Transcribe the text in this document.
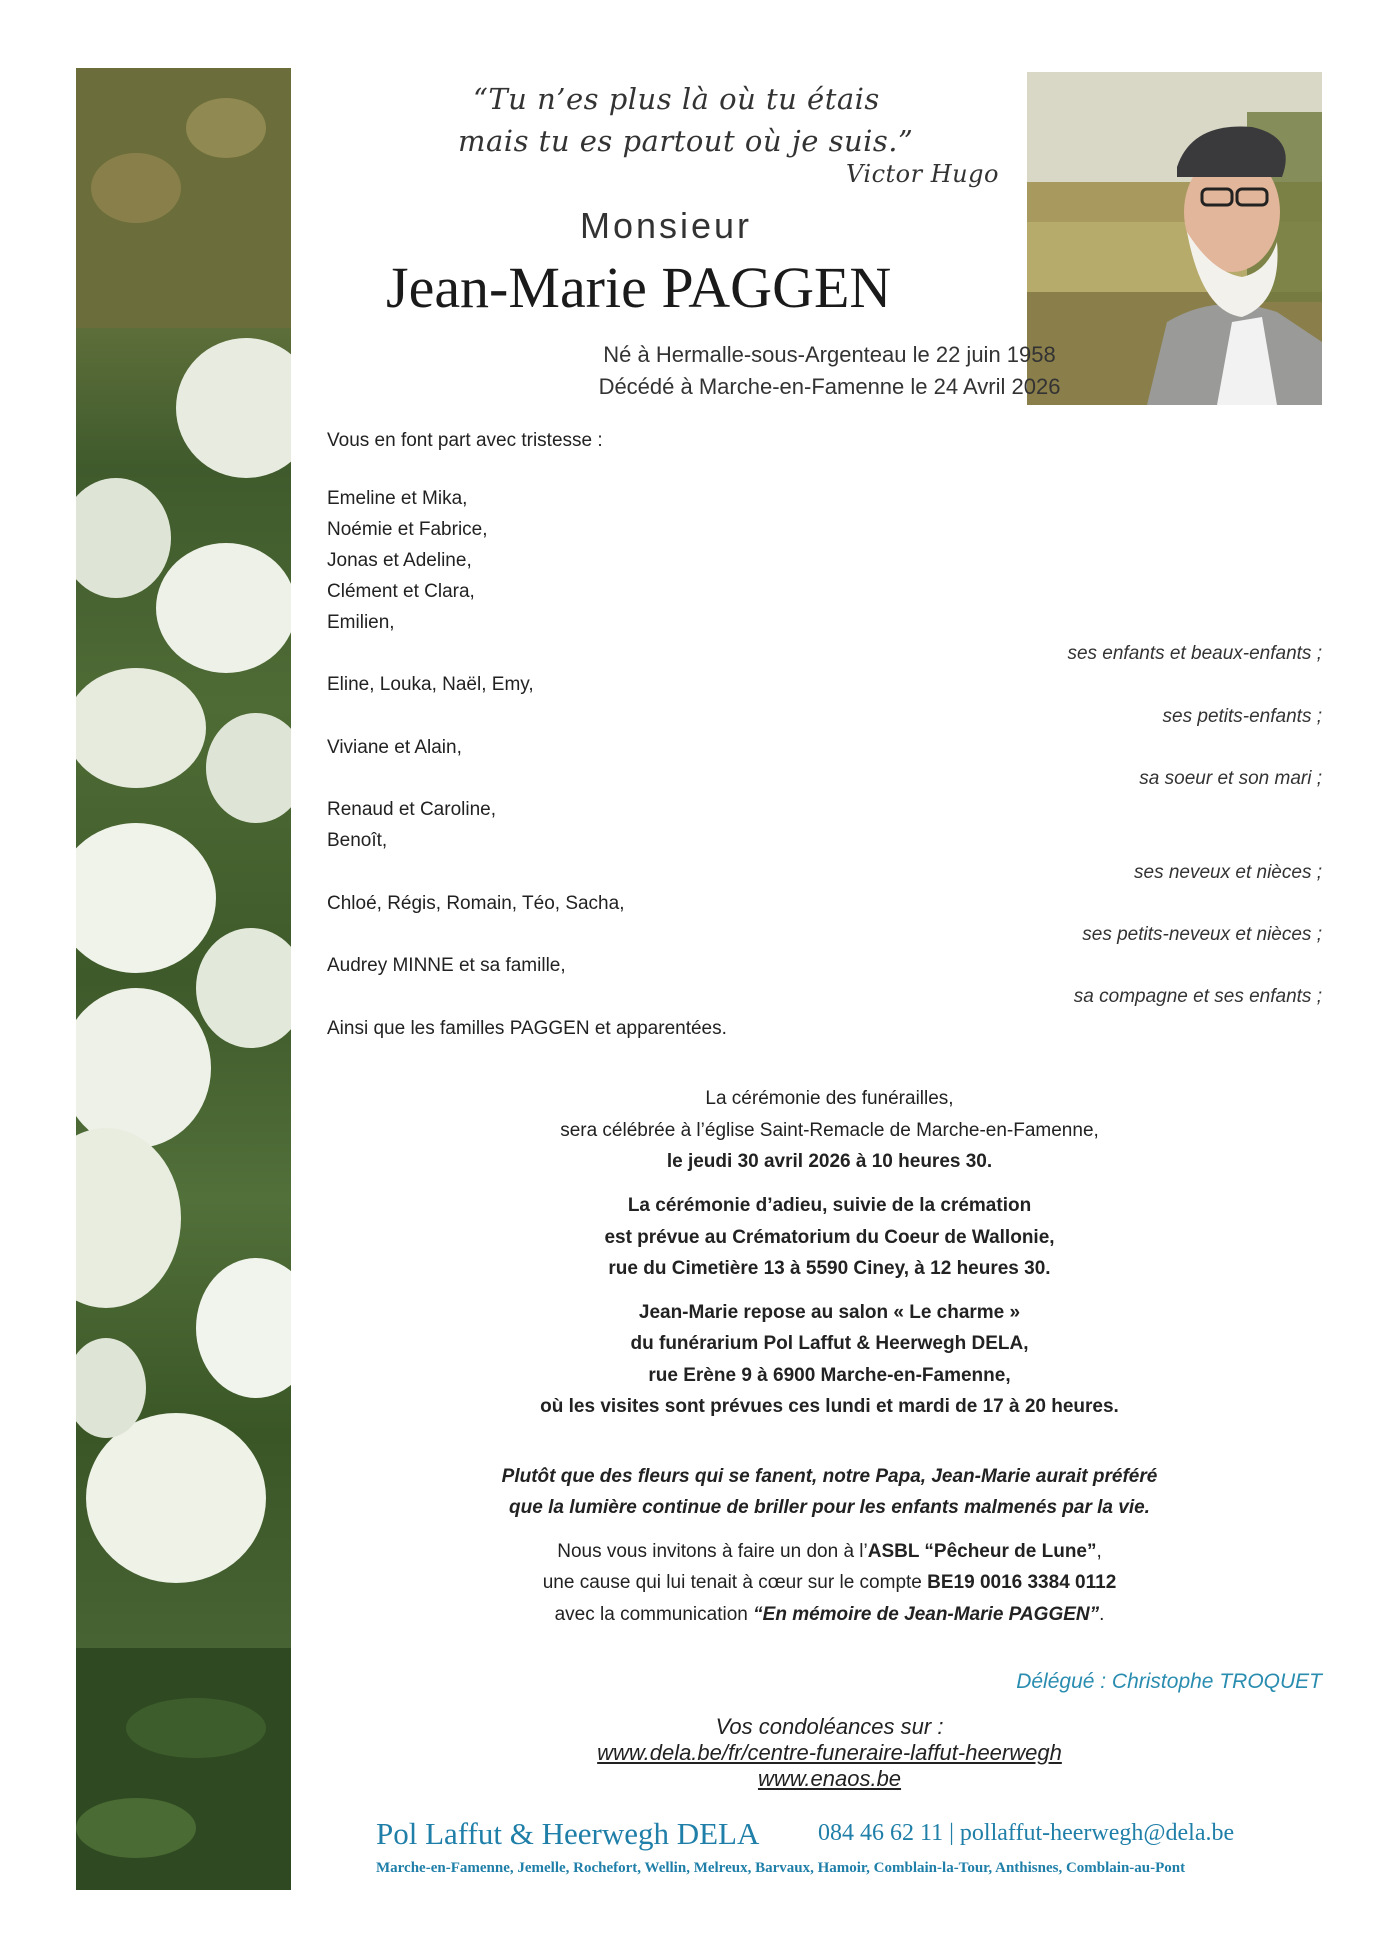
“Tu n’es plus là où tu étais
mais tu es partout où je suis.”
Victor Hugo
Monsieur
Jean-Marie PAGGEN
Né à Hermalle-sous-Argenteau le 22 juin 1958
Décédé à Marche-en-Famenne le 24 Avril 2026
Vous en font part avec tristesse :
Emeline et Mika,
Noémie et Fabrice,
Jonas et Adeline,
Clément et Clara,
Emilien,
ses enfants et beaux-enfants ;
Eline, Louka, Naël, Emy,
ses petits-enfants ;
Viviane et Alain,
sa soeur et son mari ;
Renaud et Caroline,
Benoît,
ses neveux et nièces ;
Chloé, Régis, Romain, Téo, Sacha,
ses petits-neveux et nièces ;
Audrey MINNE et sa famille,
sa compagne et ses enfants ;
Ainsi que les familles PAGGEN et apparentées.
La cérémonie des funérailles,
sera célébrée à l’église Saint-Remacle de Marche-en-Famenne,
le jeudi 30 avril 2026 à 10 heures 30.
La cérémonie d’adieu, suivie de la crémation
est prévue au Crématorium du Coeur de Wallonie,
rue du Cimetière 13 à 5590 Ciney, à 12 heures 30.
Jean-Marie repose au salon « Le charme »
du funérarium Pol Laffut & Heerwegh DELA,
rue Erène 9 à 6900 Marche-en-Famenne,
où les visites sont prévues ces lundi et mardi de 17 à 20 heures.
Plutôt que des fleurs qui se fanent, notre Papa, Jean-Marie aurait préféré
que la lumière continue de briller pour les enfants malmenés par la vie.
Nous vous invitons à faire un don à l’ASBL “Pêcheur de Lune”,
une cause qui lui tenait à cœur sur le compte BE19 0016 3384 0112
avec la communication “En mémoire de Jean-Marie PAGGEN”.
Délégué : Christophe TROQUET
Vos condoléances sur :
www.dela.be/fr/centre-funeraire-laffut-heerwegh
www.enaos.be
Pol Laffut & Heerwegh DELA 084 46 62 11 | pollaffut-heerwegh@dela.be
Marche-en-Famenne, Jemelle, Rochefort, Wellin, Melreux, Barvaux, Hamoir, Comblain-la-Tour, Anthisnes, Comblain-au-Pont
